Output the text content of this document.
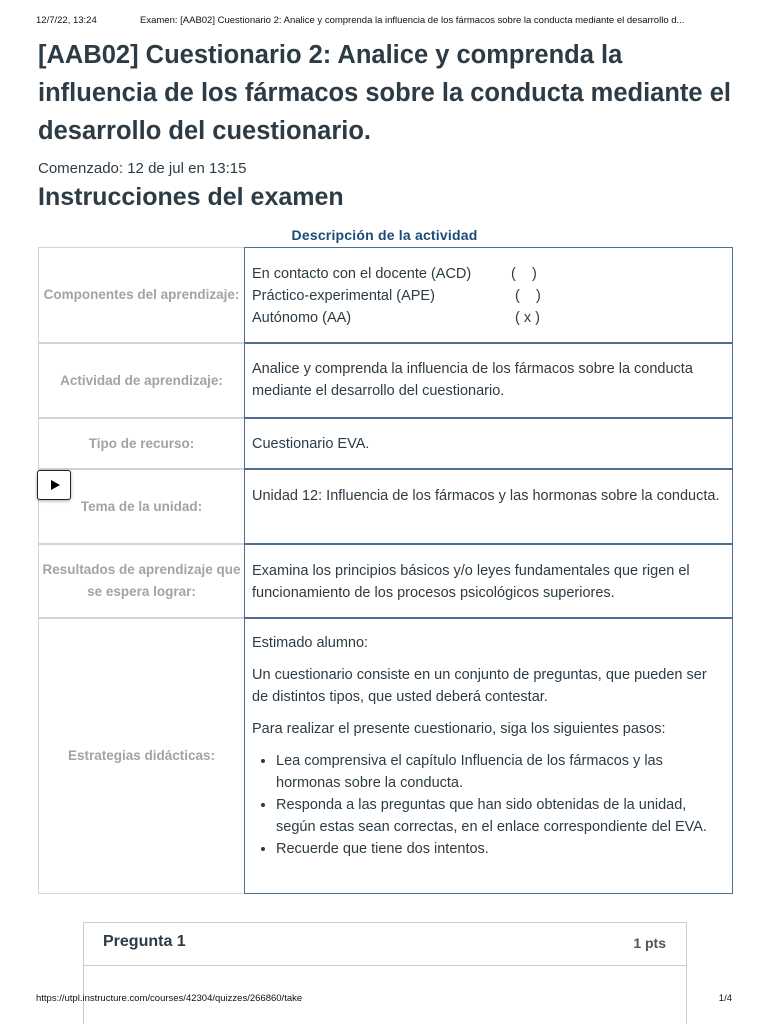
12/7/22, 13:24	Examen: [AAB02] Cuestionario 2: Analice y comprenda la influencia de los fármacos sobre la conducta mediante el desarrollo d...
[AAB02] Cuestionario 2: Analice y comprenda la influencia de los fármacos sobre la conducta mediante el desarrollo del cuestionario.
Comenzado: 12 de jul en 13:15
Instrucciones del examen
Descripción de la actividad
Componentes del aprendizaje:
En contacto con el docente (ACD)	(    )
Práctico-experimental (APE)	(    )
Autónomo (AA)	( x )
Actividad de aprendizaje:
Analice y comprenda la influencia de los fármacos sobre la conducta mediante el desarrollo del cuestionario.
Tipo de recurso:	Cuestionario EVA.
Tema de la unidad:
Unidad 12: Influencia de los fármacos y las hormonas sobre la conducta.
Resultados de aprendizaje que se espera lograr:
Examina los principios básicos y/o leyes fundamentales que rigen el funcionamiento de los procesos psicológicos superiores.
Estrategias didácticas:

Estimado alumno:

Un cuestionario consiste en un conjunto de preguntas, que pueden ser de distintos tipos, que usted deberá contestar.

Para realizar el presente cuestionario, siga los siguientes pasos:

• Lea comprensiva el capítulo Influencia de los fármacos y las hormonas sobre la conducta.
• Responda a las preguntas que han sido obtenidas de la unidad, según estas sean correctas, en el enlace correspondiente del EVA.
• Recuerde que tiene dos intentos.
Pregunta 1	1 pts
https://utpl.instructure.com/courses/42304/quizzes/266860/take	1/4
